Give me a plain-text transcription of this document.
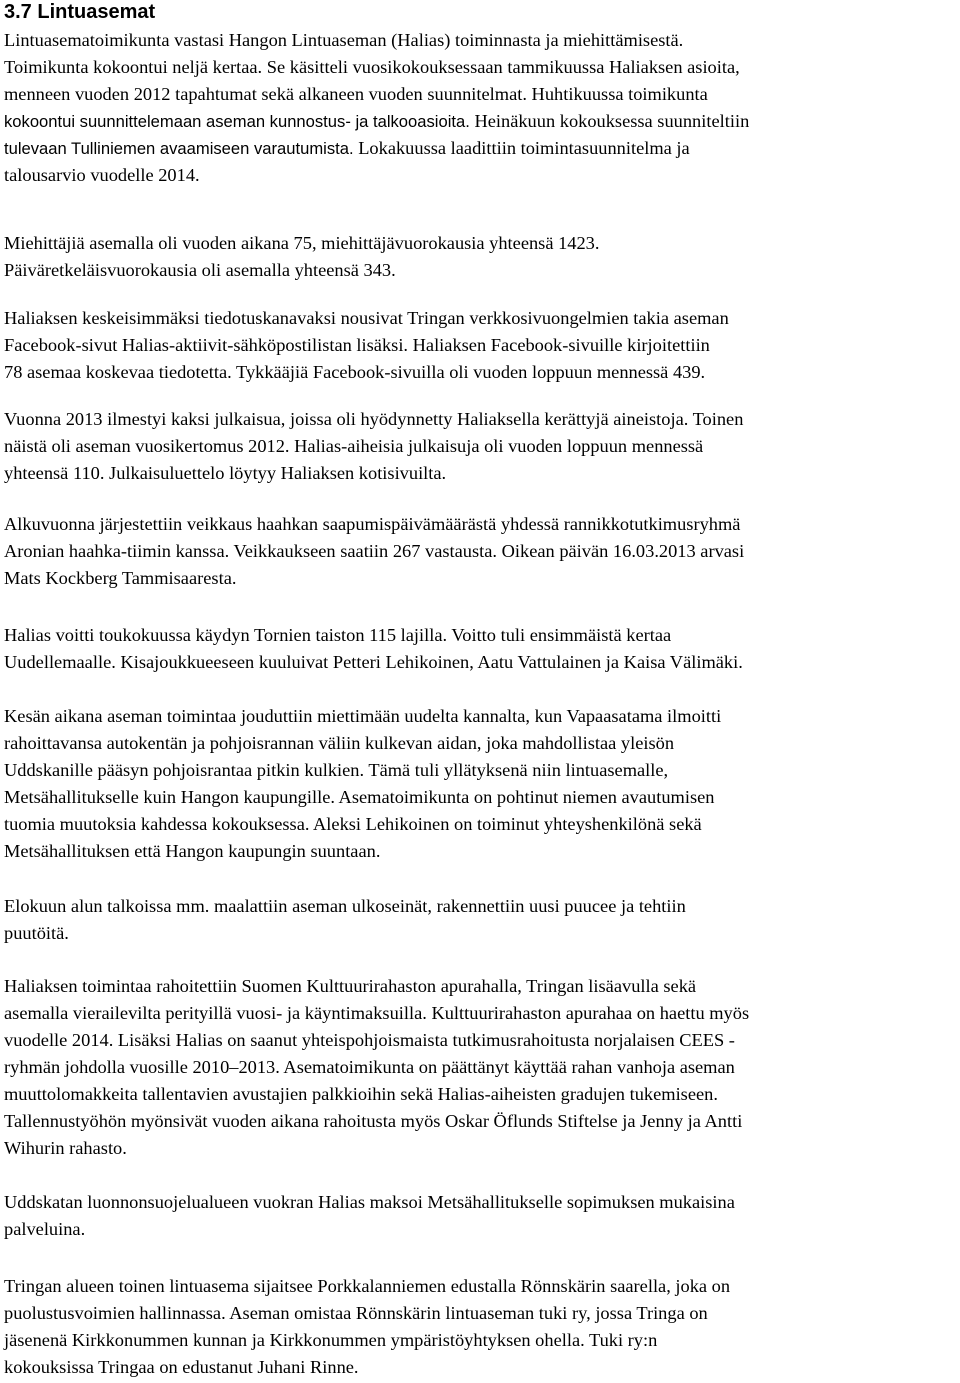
3.7 Lintuasemat
Lintuasematoimikunta vastasi Hangon Lintuaseman (Halias) toiminnasta ja miehittämisestä.
Toimikunta kokoontui neljä kertaa. Se käsitteli vuosikokouksessaan tammikuussa Haliaksen asioita,
menneen vuoden 2012 tapahtumat sekä alkaneen vuoden suunnitelmat. Huhtikuussa toimikunta
kokoontui suunnittelemaan aseman kunnostus- ja talkooasioita. Heinäkuun kokouksessa suunniteltiin
tulevaan Tulliniemen avaamiseen varautumista. Lokakuussa laadittiin toimintasuunnitelma ja
talousarvio vuodelle 2014.
Miehittäjiä asemalla oli vuoden aikana 75, miehittäjävuorokausia yhteensä 1423.
Päiväretkeläisvuorokausia oli asemalla yhteensä 343.
Haliaksen keskeisimmäksi tiedotuskanavaksi nousivat Tringan verkkosivuongelmien takia aseman
Facebook-sivut Halias-aktiivit-sähköpostilistan lisäksi. Haliaksen Facebook-sivuille kirjoitettiin
78 asemaa koskevaa tiedotetta. Tykkääjiä Facebook-sivuilla oli vuoden loppuun mennessä 439.
Vuonna 2013 ilmestyi kaksi julkaisua, joissa oli hyödynnetty Haliaksella kerättyjä aineistoja. Toinen
näistä oli aseman vuosikertomus 2012. Halias-aiheisia julkaisuja oli vuoden loppuun mennessä
yhteensä 110. Julkaisuluettelo löytyy Haliaksen kotisivuilta.
Alkuvuonna järjestettiin veikkaus haahkan saapumispäivämäärästä yhdessä rannikkotutkimusryhmä
Aronian haahka-tiimin kanssa. Veikkaukseen saatiin 267 vastausta. Oikean päivän 16.03.2013 arvasi
Mats Kockberg Tammisaaresta.
Halias voitti toukokuussa käydyn Tornien taiston 115 lajilla. Voitto tuli ensimmäistä kertaa
Uudellemaalle. Kisajoukkueeseen kuuluivat Petteri Lehikoinen, Aatu Vattulainen ja Kaisa Välimäki.
Kesän aikana aseman toimintaa jouduttiin miettimään uudelta kannalta, kun Vapaasatama ilmoitti
rahoittavansa autokentän ja pohjoisrannan väliin kulkevan aidan, joka mahdollistaa yleisön
Uddskanille pääsyn pohjoisrantaa pitkin kulkien. Tämä tuli yllätyksenä niin lintuasemalle,
Metsähallitukselle kuin Hangon kaupungille. Asematoimikunta on pohtinut niemen avautumisen
tuomia muutoksia kahdessa kokouksessa. Aleksi Lehikoinen on toiminut yhteyshenkilönä sekä
Metsähallituksen että Hangon kaupungin suuntaan.
Elokuun alun talkoissa mm. maalattiin aseman ulkoseinät, rakennettiin uusi puucee ja tehtiin
puutöitä.
Haliaksen toimintaa rahoitettiin Suomen Kulttuurirahaston apurahalla, Tringan lisäavulla sekä
asemalla vierailevilta perityillä vuosi- ja käyntimaksuilla. Kulttuurirahaston apurahaa on haettu myös
vuodelle 2014. Lisäksi Halias on saanut yhteispohjoismaista tutkimusrahoitusta norjalaisen CEES -
ryhmän johdolla vuosille 2010–2013. Asematoimikunta on päättänyt käyttää rahan vanhoja aseman
muuttolomakkeita tallentavien avustajien palkkioihin sekä Halias-aiheisten gradujen tukemiseen.
Tallennustyöhön myönsivät vuoden aikana rahoitusta myös Oskar Öflunds Stiftelse ja Jenny ja Antti
Wihurin rahasto.
Uddskatan luonnonsuojelualueen vuokran Halias maksoi Metsähallitukselle sopimuksen mukaisina
palveluina.
Tringan alueen toinen lintuasema sijaitsee Porkkalanniemen edustalla Rönnskärin saarella, joka on
puolustusvoimien hallinnassa. Aseman omistaa Rönnskärin lintuaseman tuki ry, jossa Tringa on
jäsenenä Kirkkonummen kunnan ja Kirkkonummen ympäristöyhtyksen ohella. Tuki ry:n
kokouksissa Tringaa on edustanut Juhani Rinne.
